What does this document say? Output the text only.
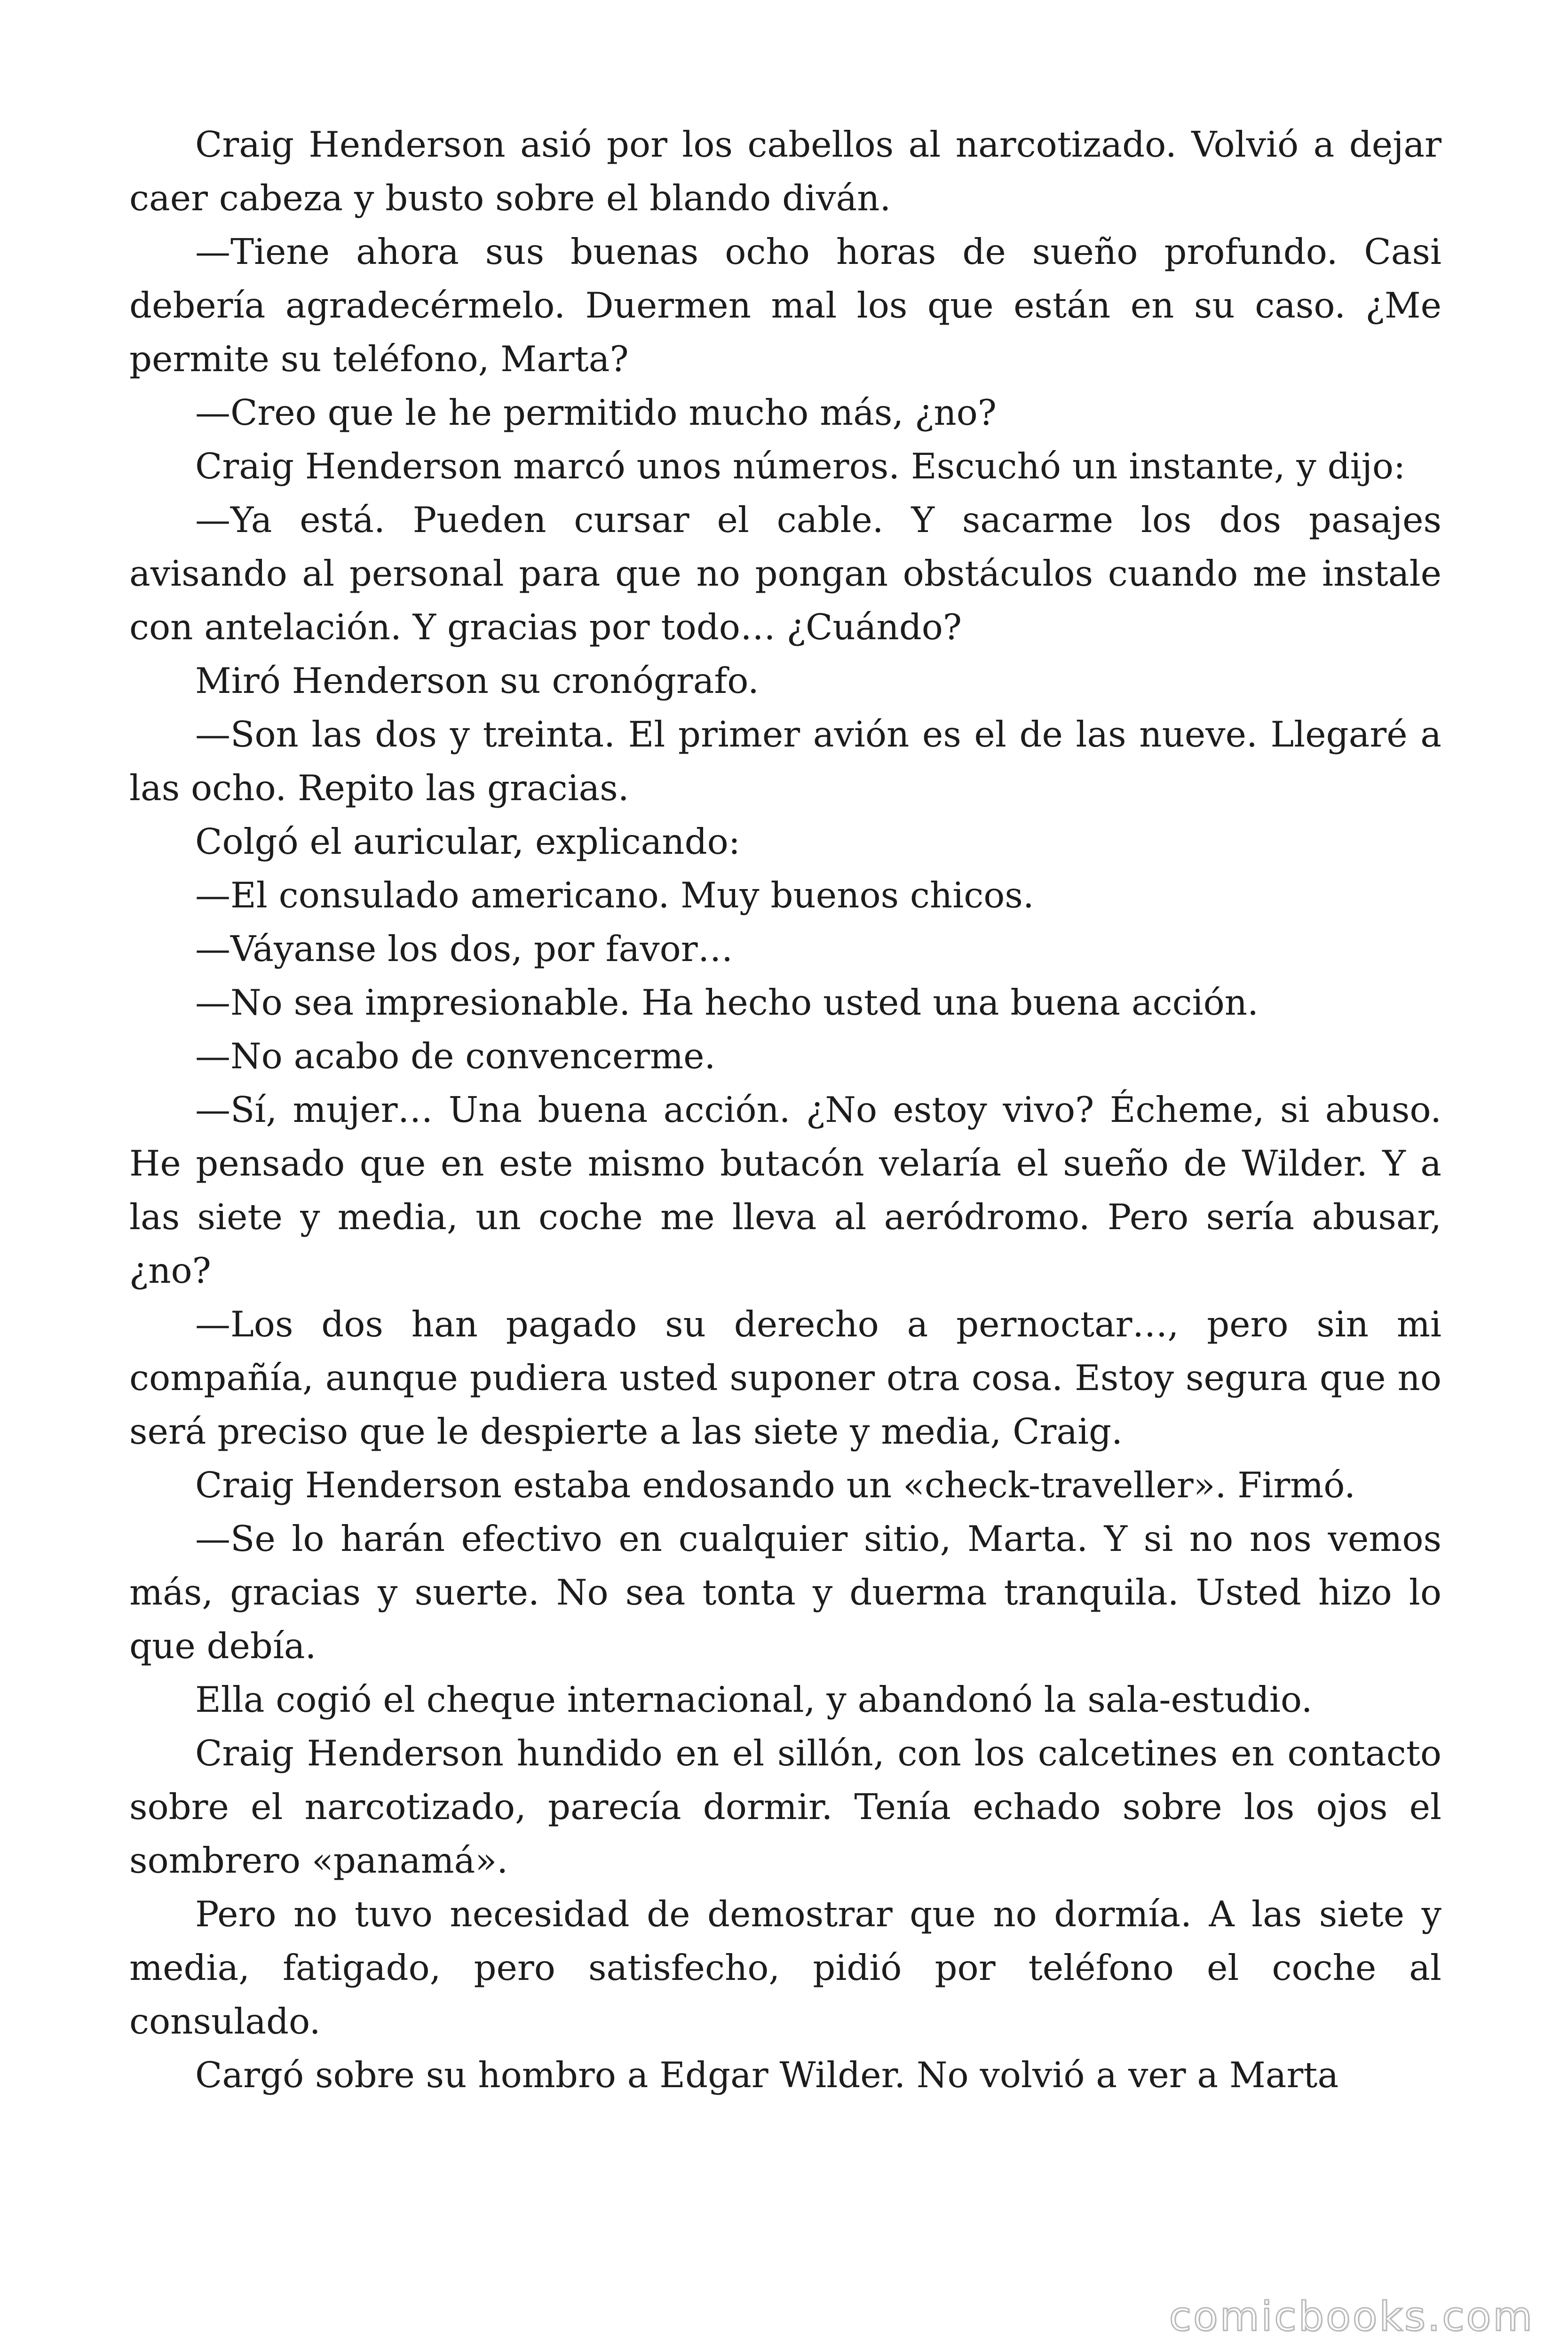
Craig Henderson asió por los cabellos al narcotizado. Volvió a dejar caer cabeza y busto sobre el blando diván.

—Tiene ahora sus buenas ocho horas de sueño profundo. Casi debería agradecérmelo. Duermen mal los que están en su caso. ¿Me permite su teléfono, Marta?

—Creo que le he permitido mucho más, ¿no?

Craig Henderson marcó unos números. Escuchó un instante, y dijo:

—Ya está. Pueden cursar el cable. Y sacarme los dos pasajes avisando al personal para que no pongan obstáculos cuando me instale con antelación. Y gracias por todo… ¿Cuándo?

Miró Henderson su cronógrafo.

—Son las dos y treinta. El primer avión es el de las nueve. Llegaré a las ocho. Repito las gracias.

Colgó el auricular, explicando:

—El consulado americano. Muy buenos chicos.

—Váyanse los dos, por favor…

—No sea impresionable. Ha hecho usted una buena acción.

—No acabo de convencerme.

—Sí, mujer… Una buena acción. ¿No estoy vivo? Écheme, si abuso. He pensado que en este mismo butacón velaría el sueño de Wilder. Y a las siete y media, un coche me lleva al aeródromo. Pero sería abusar, ¿no?

—Los dos han pagado su derecho a pernoctar…, pero sin mi compañía, aunque pudiera usted suponer otra cosa. Estoy segura que no será preciso que le despierte a las siete y media, Craig.

Craig Henderson estaba endosando un «check-traveller». Firmó.

—Se lo harán efectivo en cualquier sitio, Marta. Y si no nos vemos más, gracias y suerte. No sea tonta y duerma tranquila. Usted hizo lo que debía.

Ella cogió el cheque internacional, y abandonó la sala-estudio.

Craig Henderson hundido en el sillón, con los calcetines en contacto sobre el narcotizado, parecía dormir. Tenía echado sobre los ojos el sombrero «panamá».

Pero no tuvo necesidad de demostrar que no dormía. A las siete y media, fatigado, pero satisfecho, pidió por teléfono el coche al consulado.

Cargó sobre su hombro a Edgar Wilder. No volvió a ver a Marta

comicbooks.com
